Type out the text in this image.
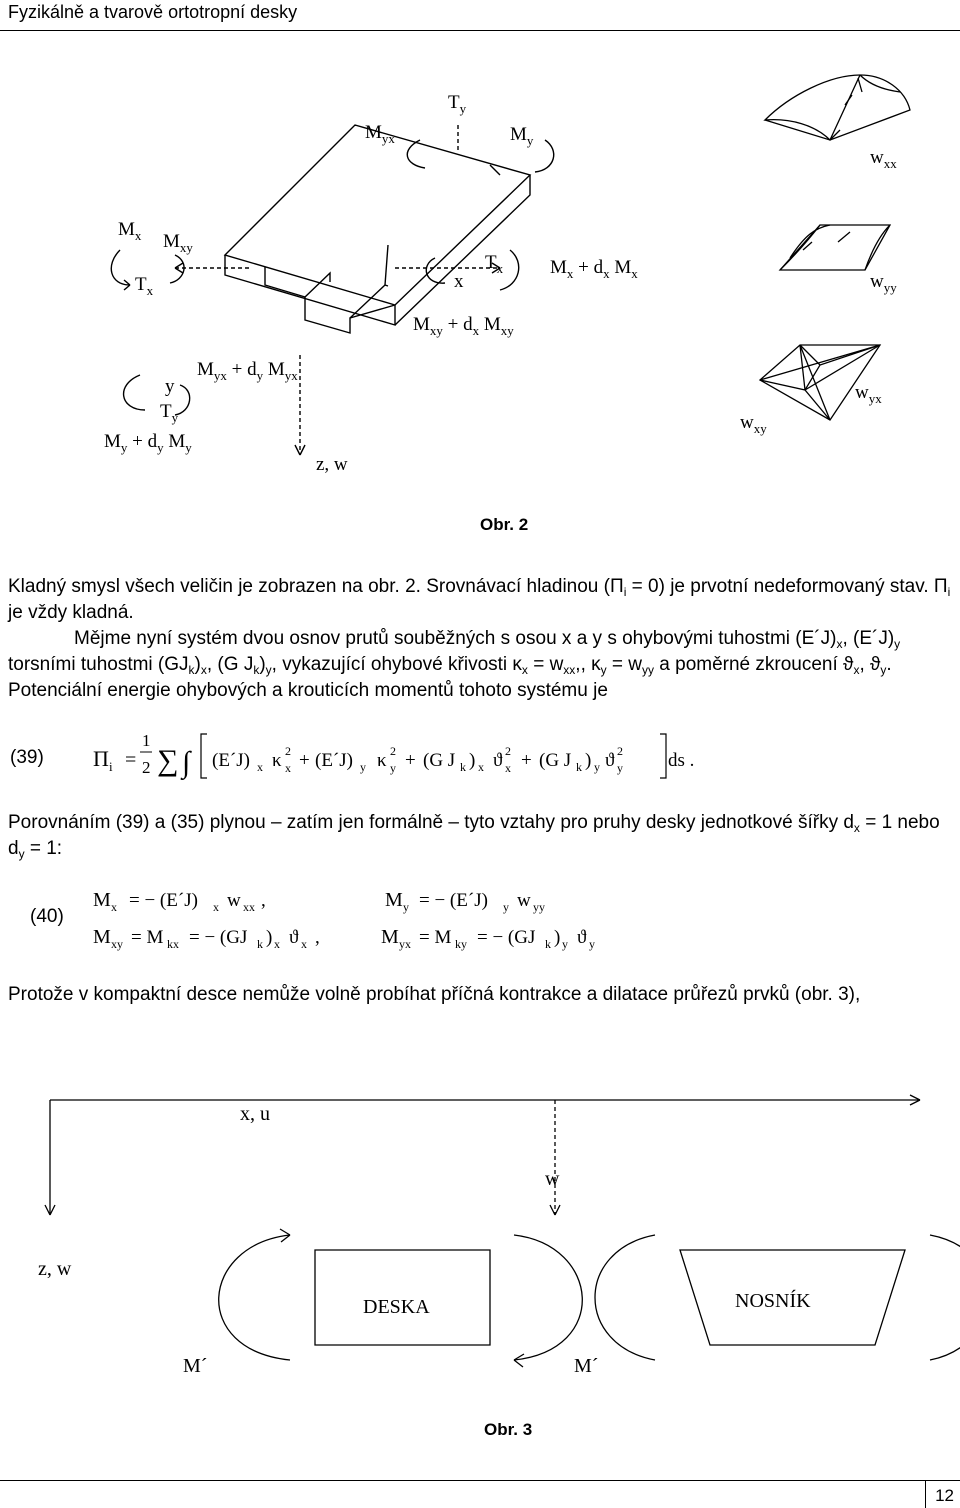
Fyzikálně a tvarově ortotropní desky
$T_y$
$M_{yx}$	$M_y$
$M_x$ $M_{xy}$
$T_x$
$T_x$
x
$M_x + d_x$ $M_x$
$M_{xy} + d_x$ $M_{xy}$
$M_{yx} + d_y$ $M_{yx}$
y
$T_y$
$M_y + d_y$ $M_y$
z, w
$w_{xx}$
$w_{yy}$
$w_{yx}$
$w_{xy}$
Obr. 2
Kladný smysl všech veličin je zobrazen na obr. 2. Srovnávací hladinou $(\Pi_i = 0)$ je prvotní nedeformovaný stav. $\Pi_i$ je vždy kladná.
Mějme nyní systém dvou osnov prutů souběžných s osou x a y s ohybovými tuhostmi $(E´J)_x$, $(E´J)_y$ torsními tuhostmi $(GJ_k)_x$, (G $J_k)_y$, vykazující ohybové křivosti $\kappa_x = w_{xx}$,, $\kappa_y = w_{yy}$ a poměrné zkroucení $ϑ_x$, $ϑ_y$. Potenciální energie ohybových a krouticích momentů tohoto systému je
(39) Π i =
1
2 ∑ ∫ (E´J) x κ 2
x + (E´J) y κ 2
y + (G J k ) x ϑ 2
x + (G J k ) y ϑ 2
y ds .
Porovnáním (39) a (35) plynou – zatím jen formálně – tyto vztahy pro pruhy desky jednotkové šířky $d_x = 1$ nebo $d_y = 1$:
(40)
M x = − (E´J) x w xx ,	M y = − (E´J) y w yy
M xy = M kx = − (GJ k ) x ϑ x ,	M yx = M ky = − (GJ k ) y ϑ y
Protože v kompaktní desce nemůže volně probíhat příčná kontrakce a dilatace průřezů prvků (obr. 3),
x, u
w
z, w
DESKA	NOSNÍK
M´	M´
Obr. 3
12
